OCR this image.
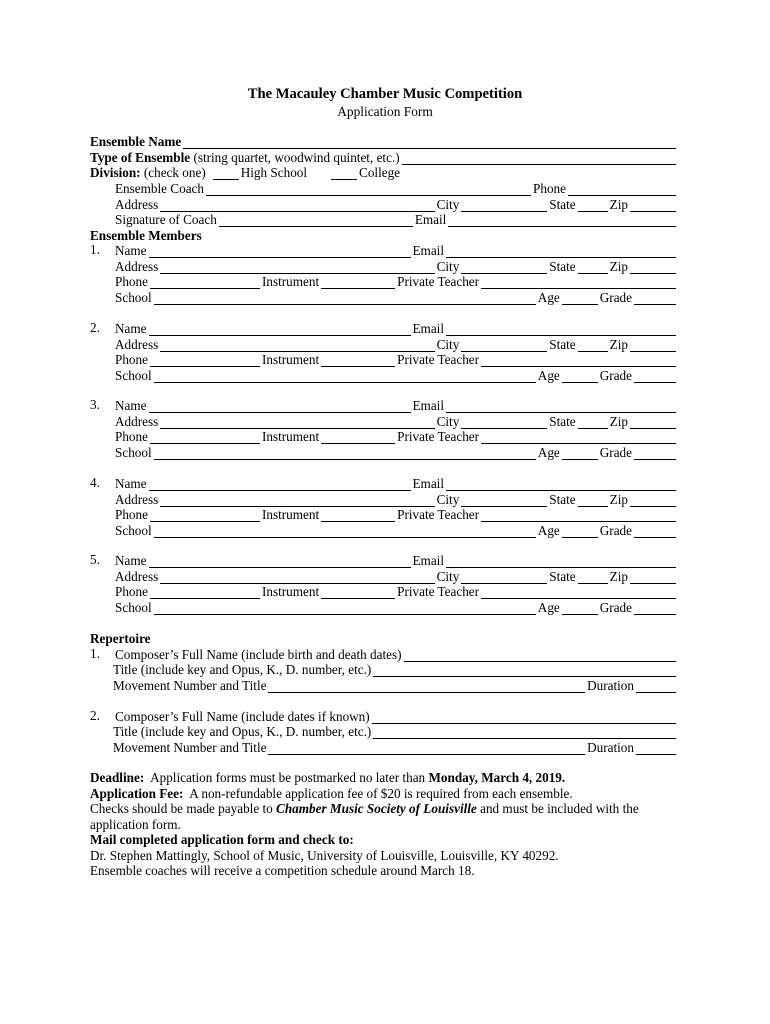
The Macauley Chamber Music Competition
Application Form
Ensemble Name
Type of Ensemble
(string quartet, woodwind quintet, etc.)
Division:
(check one)	High School	College
Ensemble Coach	Phone
Address	City	State	Zip
Signature of Coach	Email
Ensemble Members
1.	Name	Email
Address	City	State	Zip
Phone	Instrument	Private Teacher
School	Age	Grade
2.	Name	Email
Address	City	State	Zip
Phone	Instrument	Private Teacher
School	Age	Grade
3.	Name	Email
Address	City	State	Zip
Phone	Instrument	Private Teacher
School	Age	Grade
4.	Name	Email
Address	City	State	Zip
Phone	Instrument	Private Teacher
School	Age	Grade
5.	Name	Email
Address	City	State	Zip
Phone	Instrument	Private Teacher
School	Age	Grade
Repertoire
1.	Composer’s Full Name (include birth and death dates)
Title (include key and Opus, K., D. number, etc.)
Movement Number and Title	Duration
2.	Composer’s Full Name (include dates if known)
Title (include key and Opus, K., D. number, etc.)
Movement Number and Title	Duration
Deadline: Application forms must be postmarked no later than Monday, March 4, 2019.
Application Fee: A non-refundable application fee of $20 is required from each ensemble.
Checks should be made payable to Chamber Music Society of Louisville and must be included with the application form.
Mail completed application form and check to:
Dr. Stephen Mattingly, School of Music, University of Louisville, Louisville, KY 40292.
Ensemble coaches will receive a competition schedule around March 18.
